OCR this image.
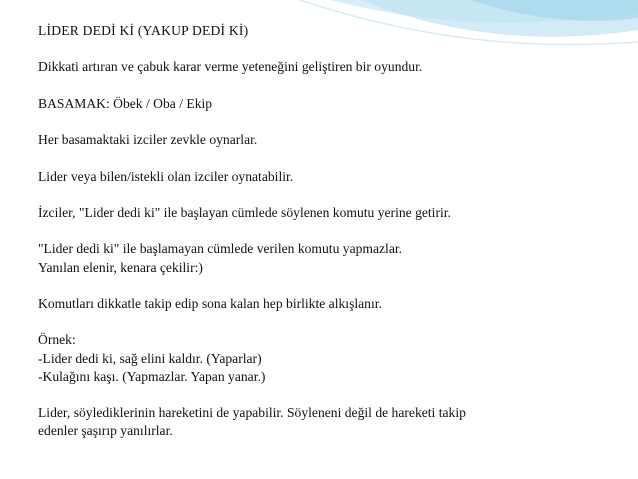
LİDER DEDİ Kİ (YAKUP DEDİ Kİ)

Dikkati artıran ve çabuk karar verme yeteneğini geliştiren bir oyundur.

BASAMAK: Öbek / Oba / Ekip

Her basamaktaki izciler zevkle oynarlar.

Lider veya bilen/istekli olan izciler oynatabilir.

İzciler, "Lider dedi ki" ile başlayan cümlede söylenen komutu yerine getirir.

"Lider dedi ki" ile başlamayan cümlede verilen komutu yapmazlar.
Yanılan elenir, kenara çekilir:)

Komutları dikkatle takip edip sona kalan hep birlikte alkışlanır.

Örnek:
-Lider dedi ki, sağ elini kaldır. (Yaparlar)
-Kulağını kaşı. (Yapmazlar. Yapan yanar.)

Lider, söylediklerinin hareketini de yapabilir. Söyleneni değil de hareketi takip
edenler şaşırıp yanılırlar.
